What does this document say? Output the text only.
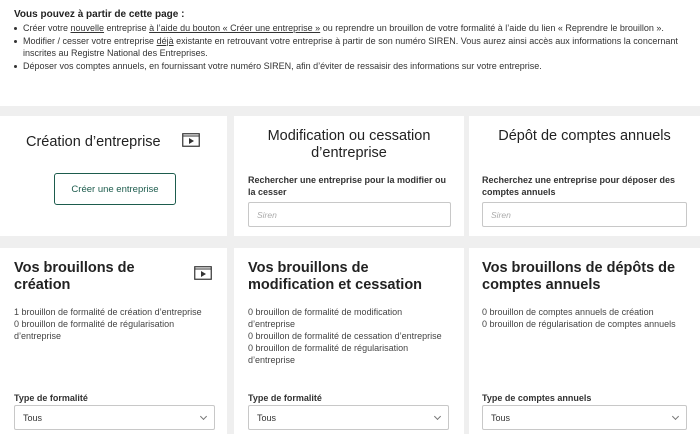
Vous pouvez à partir de cette page :
Créer votre nouvelle entreprise à l’aide du bouton « Créer une entreprise » ou reprendre un brouillon de votre formalité à l’aide du lien « Reprendre le brouillon ».
Modifier / cesser votre entreprise déjà existante en retrouvant votre entreprise à partir de son numéro SIREN. Vous aurez ainsi accès aux informations la concernant inscrites au Registre National des Entreprises.
Déposer vos comptes annuels, en fournissant votre numéro SIREN, afin d’éviter de ressaisir des informations sur votre entreprise.
Création d’entreprise
Créer une entreprise
Modification ou cessation d’entreprise
Rechercher une entreprise pour la modifier ou la cesser
Siren
Dépôt de comptes annuels
Recherchez une entreprise pour déposer des comptes annuels
Siren
Vos brouillons de création
1 brouillon de formalité de création d’entreprise
0 brouillon de formalité de régularisation d’entreprise
Type de formalité
Tous
Vos brouillons de modification et cessation
0 brouillon de formalité de modification d’entreprise
0 brouillon de formalité de cessation d’entreprise
0 brouillon de formalité de régularisation d’entreprise
Type de formalité
Tous
Vos brouillons de dépôts de comptes annuels
0 brouillon de comptes annuels de création
0 brouillon de régularisation de comptes annuels
Type de comptes annuels
Tous
